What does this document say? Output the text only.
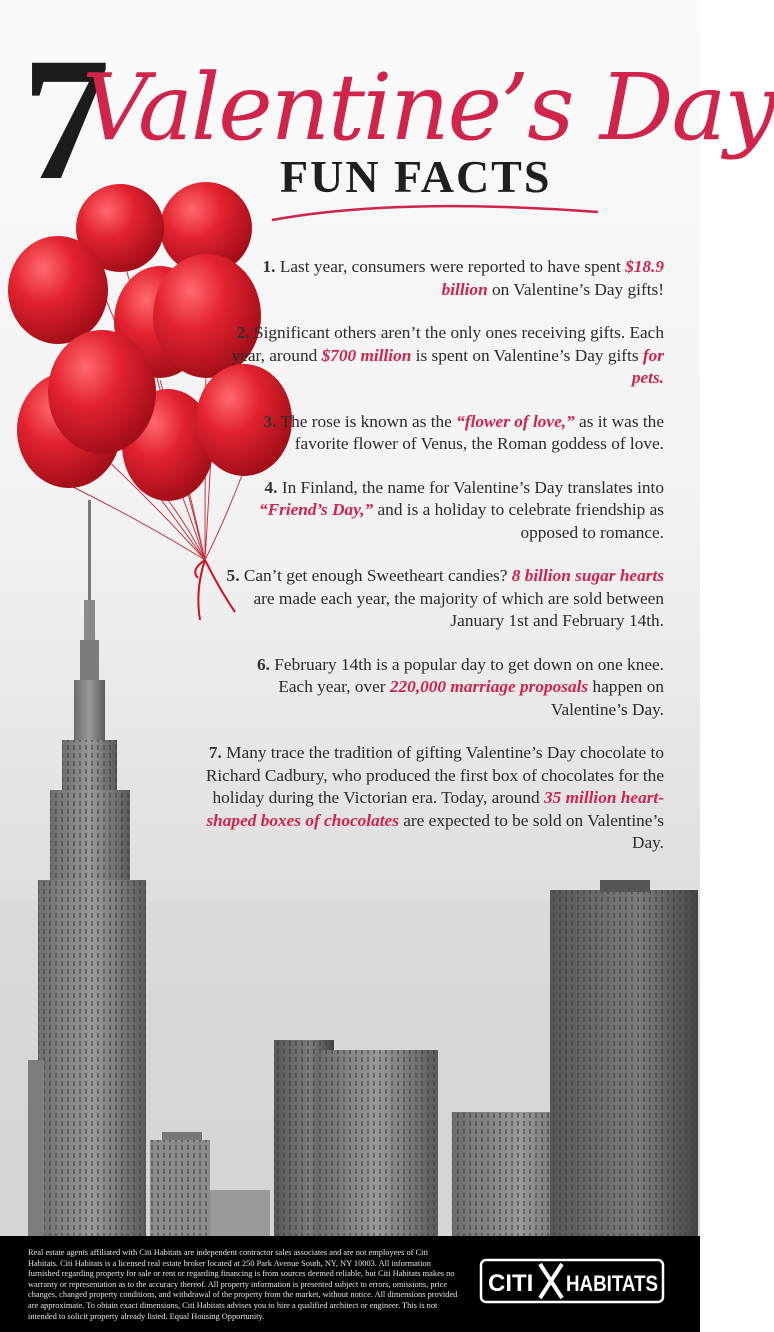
7
Valentine’s Day
FUN FACTS

1. Last year, consumers were reported to have spent $18.9 billion on Valentine’s Day gifts!

2. Significant others aren’t the only ones receiving gifts. Each year, around $700 million is spent on Valentine’s Day gifts for pets.

3. The rose is known as the “flower of love,” as it was the favorite flower of Venus, the Roman goddess of love.

4. In Finland, the name for Valentine’s Day translates into “Friend’s Day,” and is a holiday to celebrate friendship as opposed to romance.

5. Can’t get enough Sweetheart candies? 8 billion sugar hearts are made each year, the majority of which are sold between January 1st and February 14th.

6. February 14th is a popular day to get down on one knee. Each year, over 220,000 marriage proposals happen on Valentine’s Day.

7. Many trace the tradition of gifting Valentine’s Day chocolate to Richard Cadbury, who produced the first box of chocolates for the holiday during the Victorian era. Today, around 35 million heart-shaped boxes of chocolates are expected to be sold on Valentine’s Day.

Real estate agents affiliated with Citi Habitats are independent contractor sales associates and are not employees of Citi Habitats. Citi Habitats is a licensed real estate broker located at 250 Park Avenue South, NY, NY 10003. All information furnished regarding property for sale or rent or regarding financing is from sources deemed reliable, but Citi Habitats makes no warranty or representation as to the accuracy thereof. All property information is presented subject to errors, omissions, price changes, changed property conditions, and withdrawal of the property from the market, without notice. All dimensions provided are approximate. To obtain exact dimensions, Citi Habitats advises you to hire a qualified architect or engineer. This is not intended to solicit property already listed. Equal Housing Opportunity.
CITI HABITATS
